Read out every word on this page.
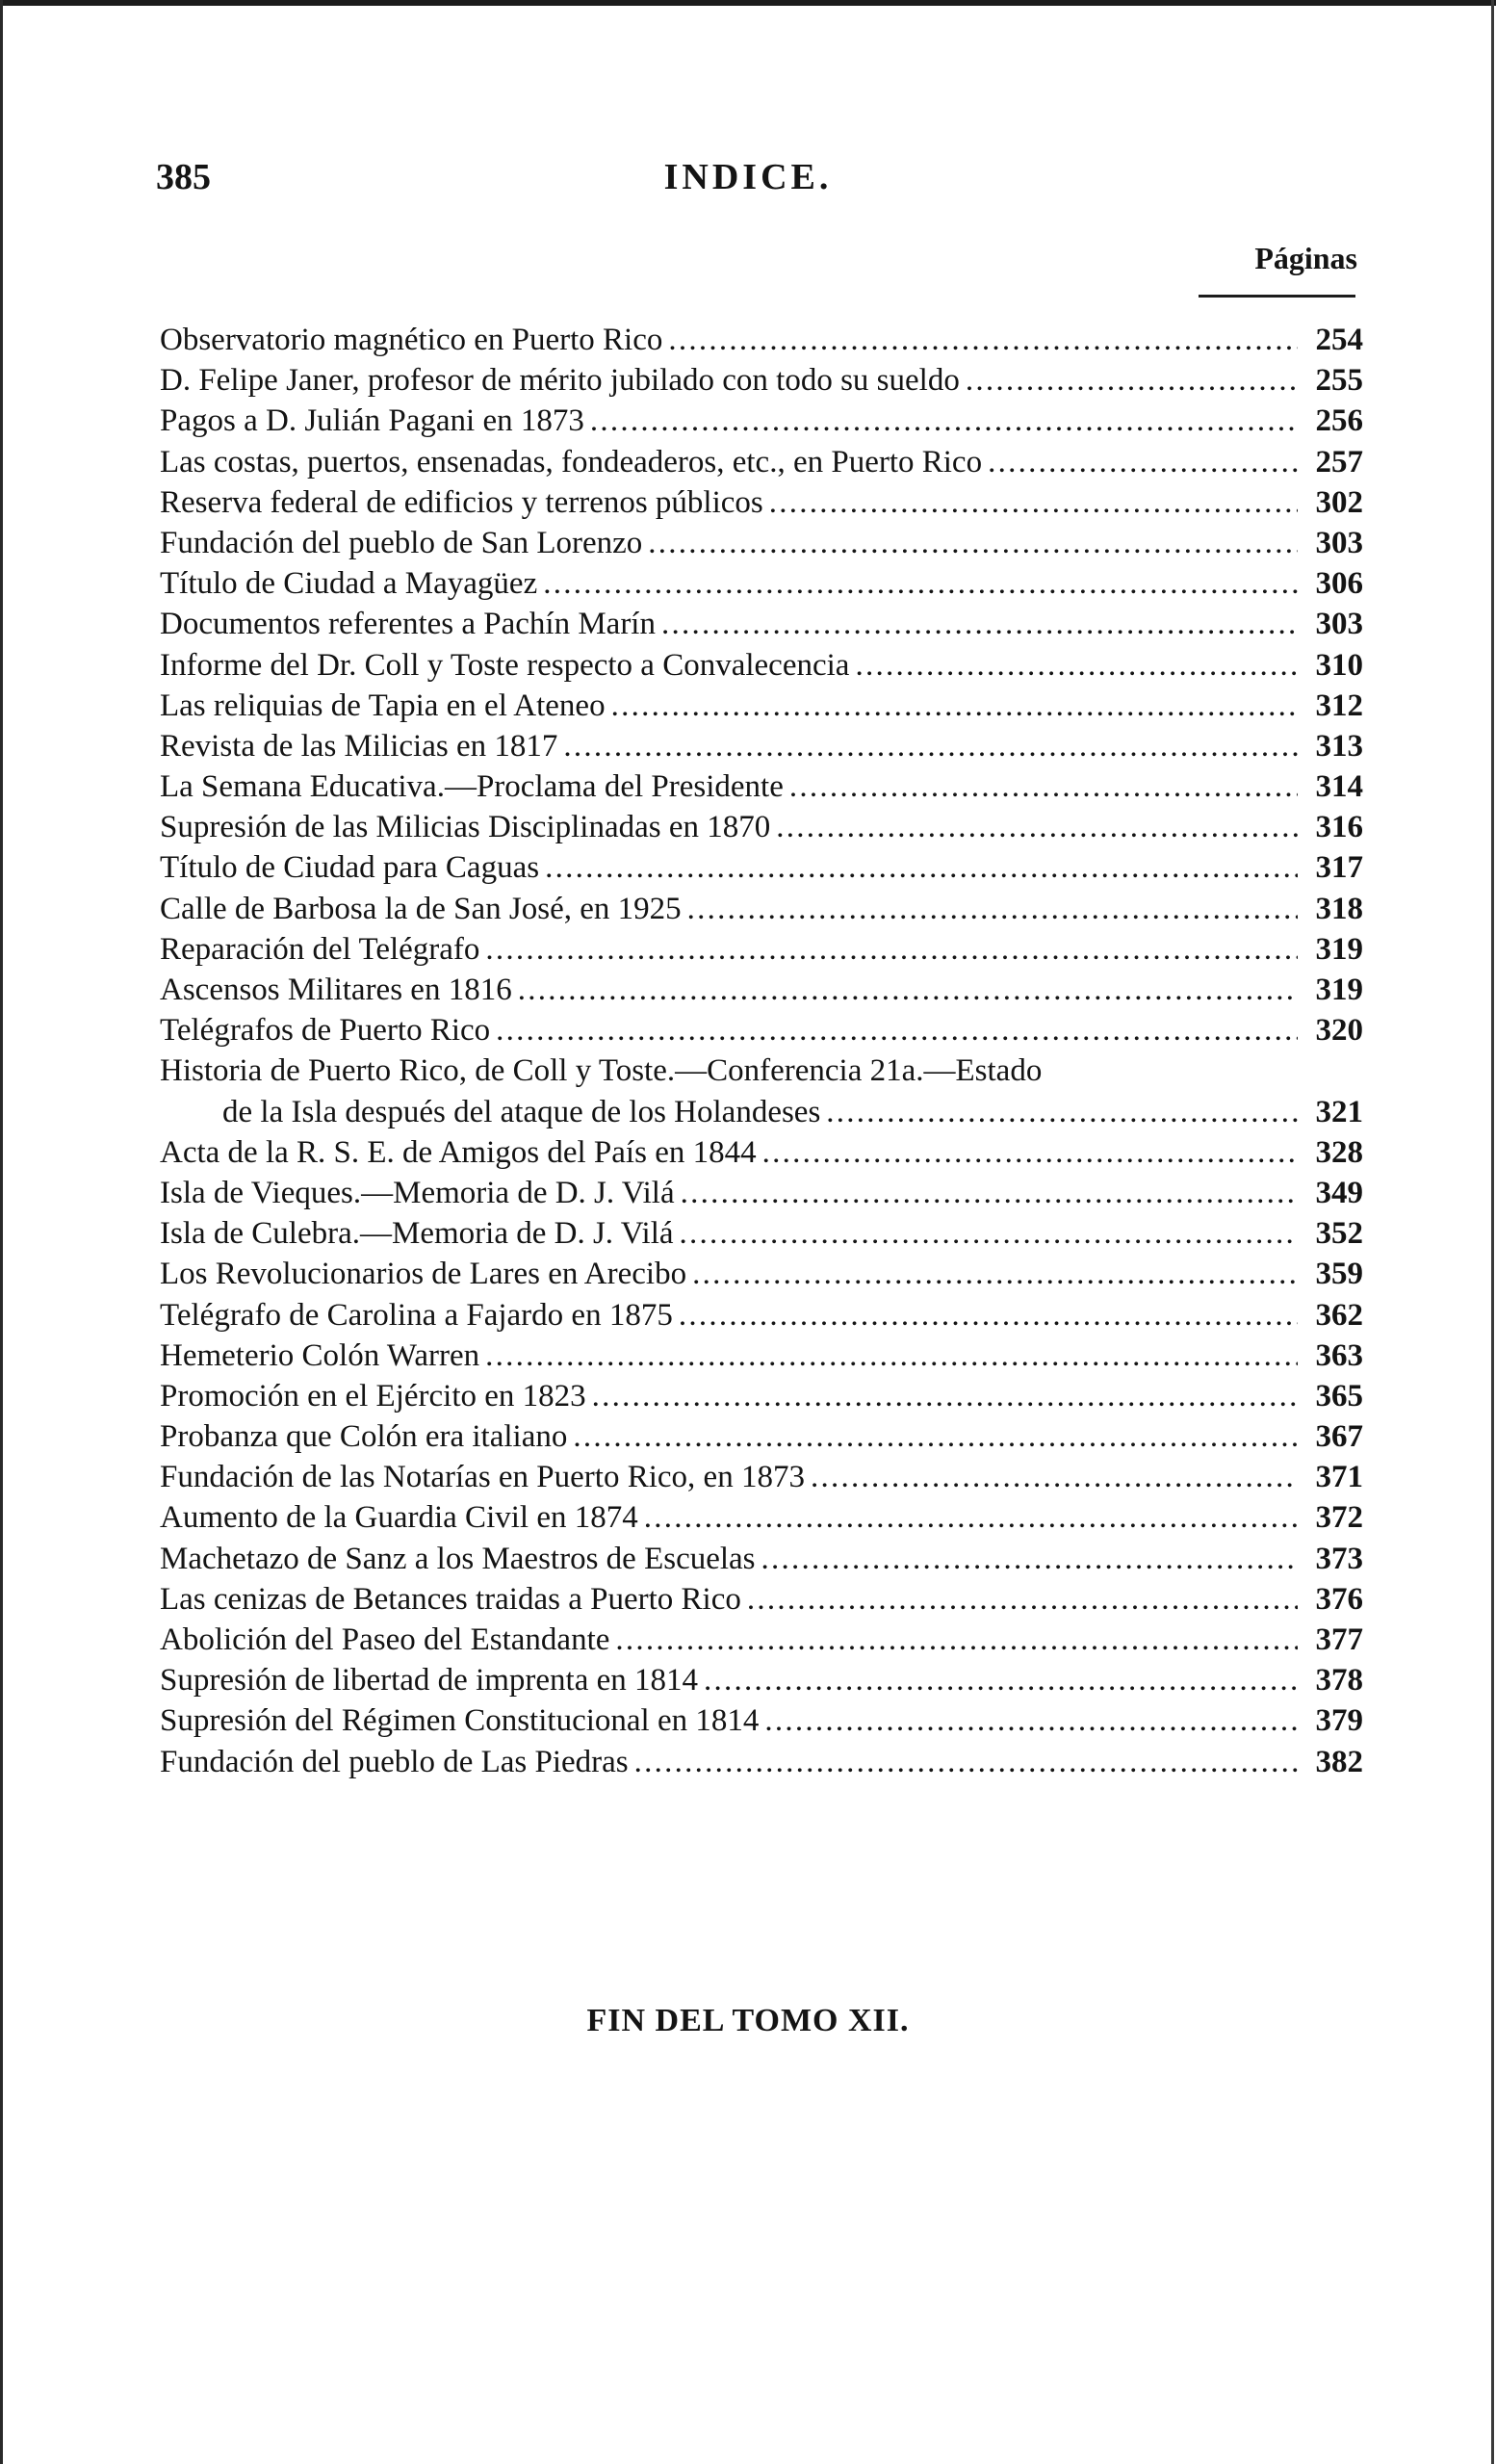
385	INDICE.
Páginas
Observatorio magnético en Puerto Rico . . .	254
D. Felipe Janer, profesor de mérito jubilado con todo su sueldo . . .	255
Pagos a D. Julián Pagani en 1873 . . .	256
Las costas, puertos, ensenadas, fondeaderos, etc., en Puerto Rico . . .	257
Reserva federal de edificios y terrenos públicos . . .	302
Fundación del pueblo de San Lorenzo . . .	303
Título de Ciudad a Mayagüez . . .	306
Documentos referentes a Pachín Marín . . .	303
Informe del Dr. Coll y Toste respecto a Convalecencia . . .	310
Las reliquias de Tapia en el Ateneo . . .	312
Revista de las Milicias en 1817 . . .	313
La Semana Educativa.—Proclama del Presidente . . .	314
Supresión de las Milicias Disciplinadas en 1870 . . .	316
Título de Ciudad para Caguas . . .	317
Calle de Barbosa la de San José, en 1925 . . .	318
Reparación del Telégrafo . . .	319
Ascensos Militares en 1816 . . .	319
Telégrafos de Puerto Rico . . .	320
Historia de Puerto Rico, de Coll y Toste.—Conferencia 21a.—Estado
de la Isla después del ataque de los Holandeses . . .	321
Acta de la R. S. E. de Amigos del País en 1844 . . .	328
Isla de Vieques.—Memoria de D. J. Vilá . . .	349
Isla de Culebra.—Memoria de D. J. Vilá . . .	352
Los Revolucionarios de Lares en Arecibo . . .	359
Telégrafo de Carolina a Fajardo en 1875 . . .	362
Hemeterio Colón Warren . . .	363
Promoción en el Ejército en 1823 . . .	365
Probanza que Colón era italiano . . .	367
Fundación de las Notarías en Puerto Rico, en 1873 . . .	371
Aumento de la Guardia Civil en 1874 . . .	372
Machetazo de Sanz a los Maestros de Escuelas . . .	373
Las cenizas de Betances traidas a Puerto Rico . . .	376
Abolición del Paseo del Estandante . . .	377
Supresión de libertad de imprenta en 1814 . . .	378
Supresión del Régimen Constitucional en 1814 . . .	379
Fundación del pueblo de Las Piedras . . .	382
FIN DEL TOMO XII.
